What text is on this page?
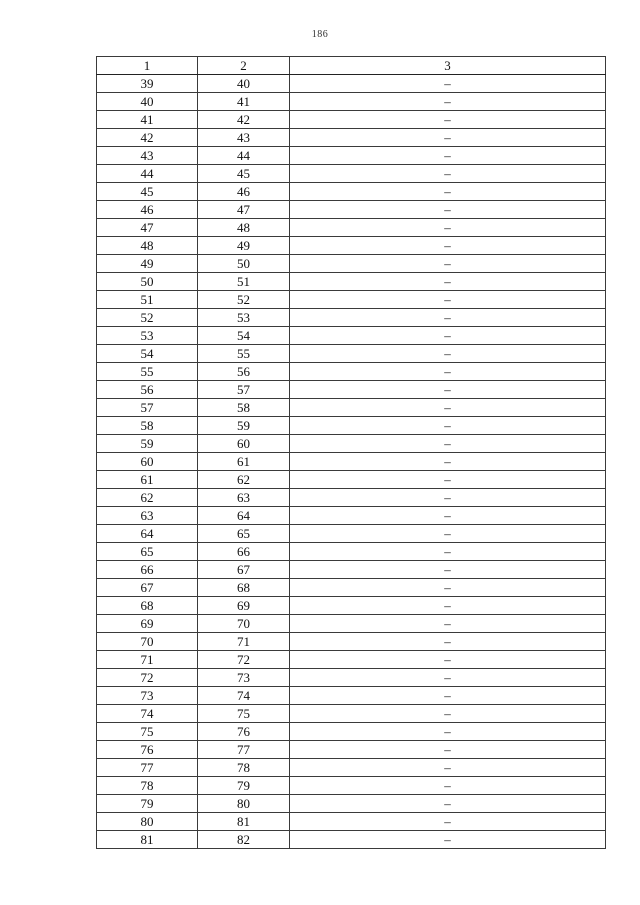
186
1	2	3
39	40	–
40	41	–
41	42	–
42	43	–
43	44	–
44	45	–
45	46	–
46	47	–
47	48	–
48	49	–
49	50	–
50	51	–
51	52	–
52	53	–
53	54	–
54	55	–
55	56	–
56	57	–
57	58	–
58	59	–
59	60	–
60	61	–
61	62	–
62	63	–
63	64	–
64	65	–
65	66	–
66	67	–
67	68	–
68	69	–
69	70	–
70	71	–
71	72	–
72	73	–
73	74	–
74	75	–
75	76	–
76	77	–
77	78	–
78	79	–
79	80	–
80	81	–
81	82	–
